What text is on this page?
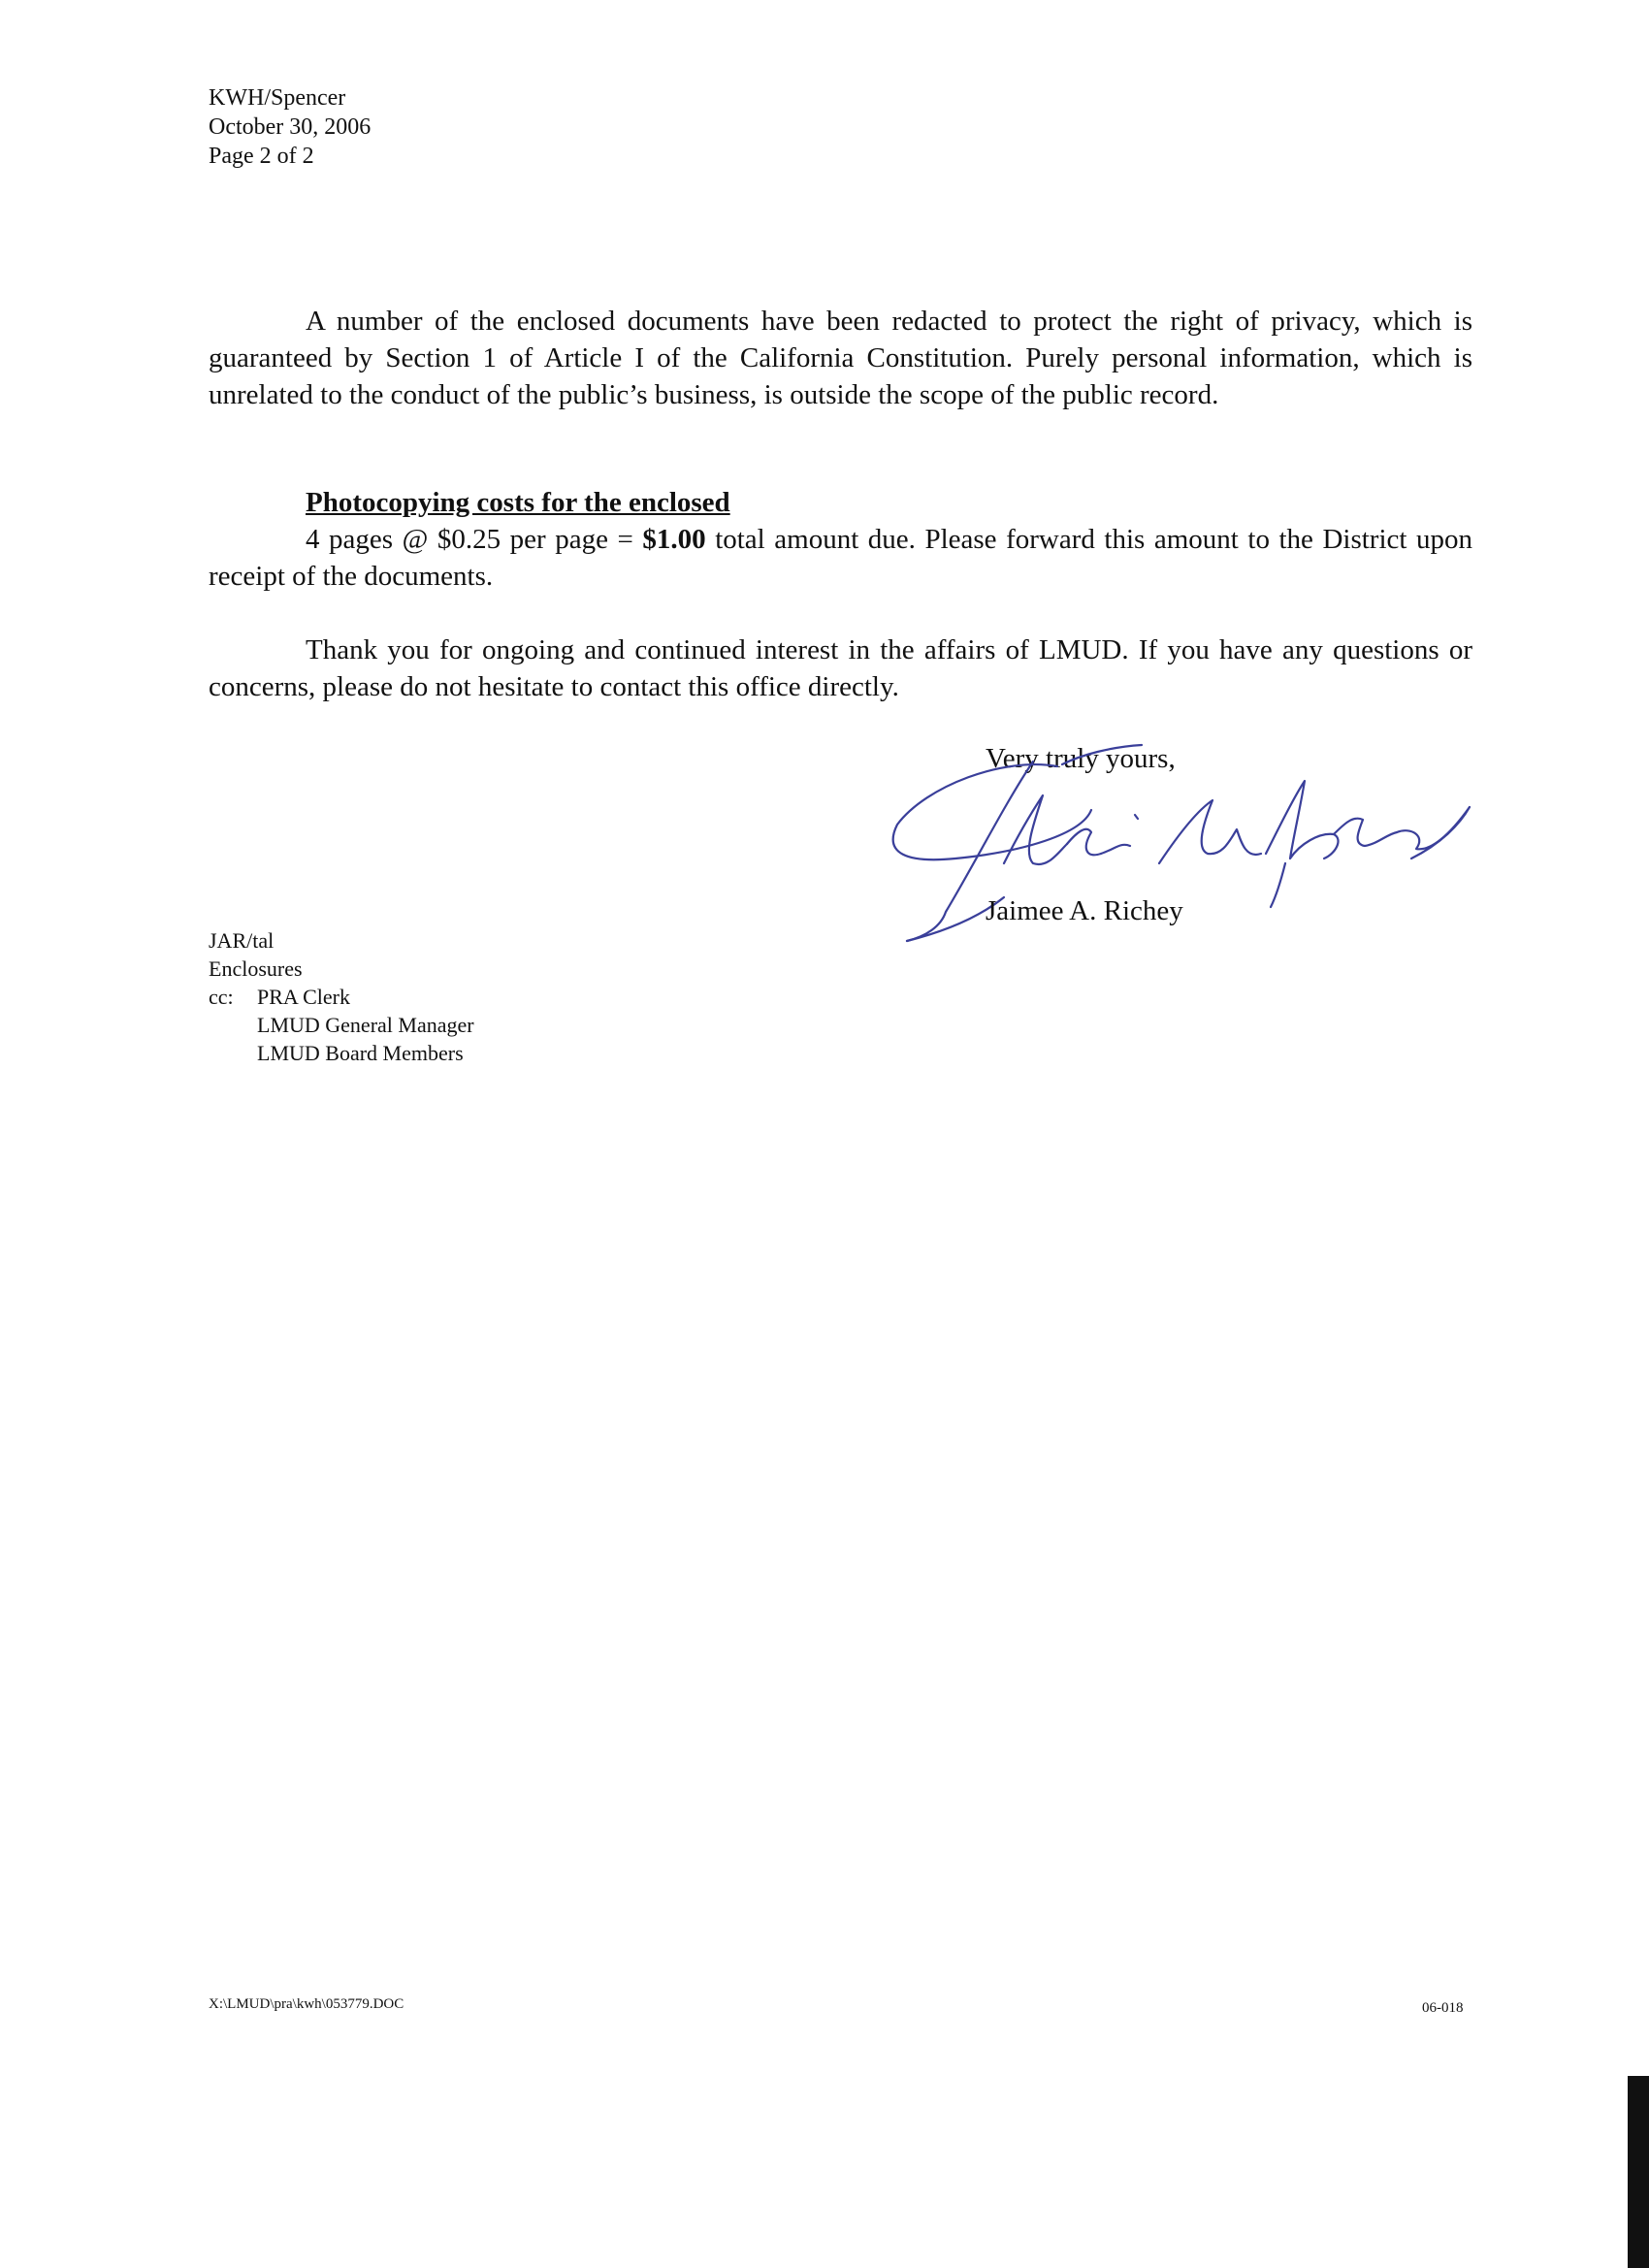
KWH/Spencer
October 30, 2006
Page 2 of 2
A number of the enclosed documents have been redacted to protect the right of privacy, which is guaranteed by Section 1 of Article I of the California Constitution. Purely personal information, which is unrelated to the conduct of the public’s business, is outside the scope of the public record.
Photocopying costs for the enclosed
4 pages @ $0.25 per page = $1.00 total amount due. Please forward this amount to the District upon receipt of the documents.
Thank you for ongoing and continued interest in the affairs of LMUD. If you have any questions or concerns, please do not hesitate to contact this office directly.
Very truly yours,
Jaimee A. Richey
JAR/tal
Enclosures
cc:	PRA Clerk
LMUD General Manager
LMUD Board Members
X:\LMUD\pra\kwh\053779.DOC	06-018
